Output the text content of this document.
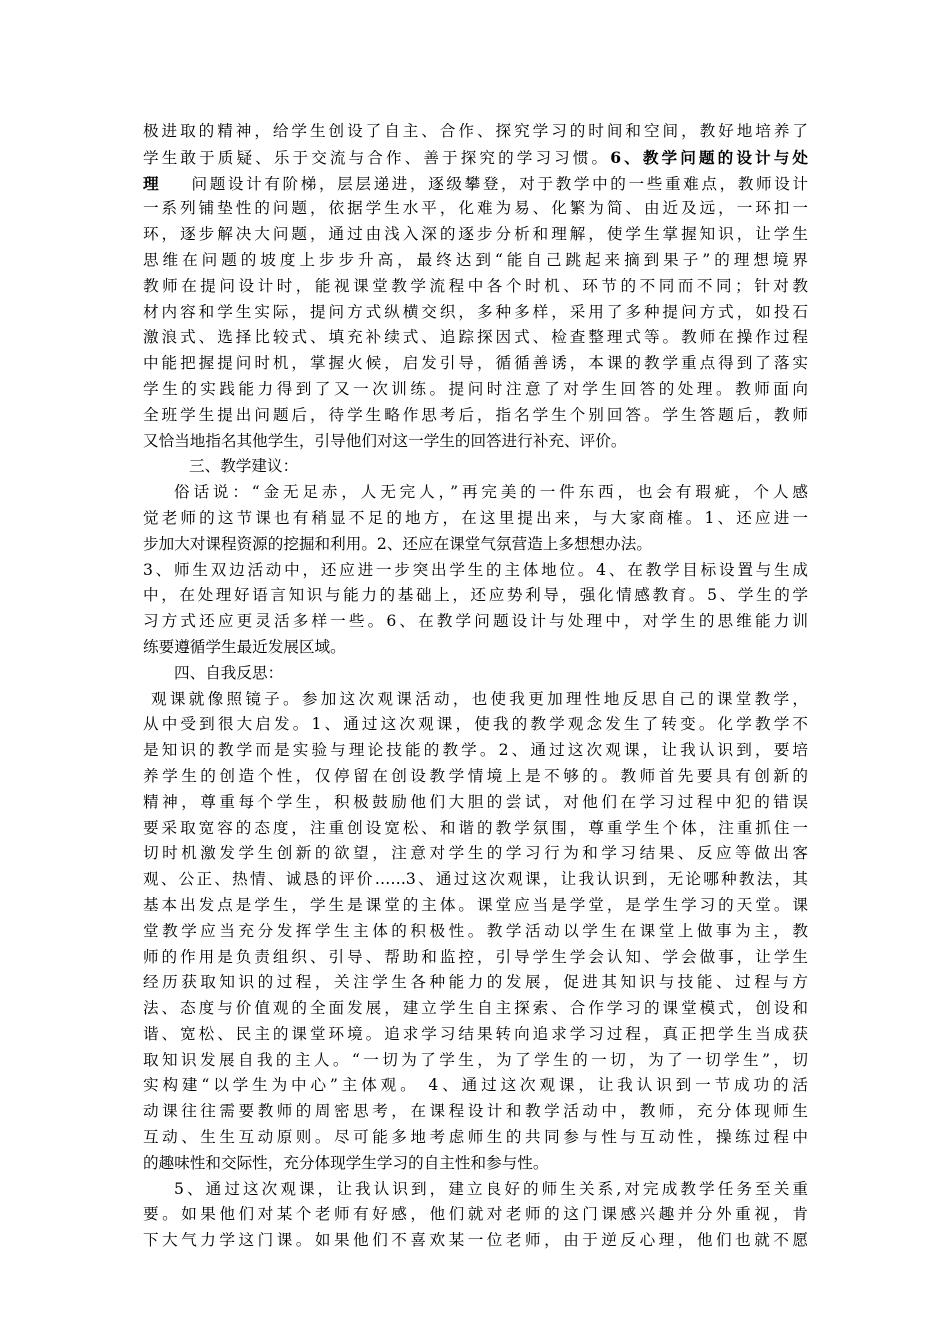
极进取的精神，给学生创设了自主、合作、探究学习的时间和空间，教好地培养了
学生敢于质疑、乐于交流与合作、善于探究的学习习惯。6、教学问题的设计与处
理    问题设计有阶梯，层层递进，逐级攀登，对于教学中的一些重难点，教师设计
一系列铺垫性的问题，依据学生水平，化难为易、化繁为简、由近及远，一环扣一
环，逐步解决大问题，通过由浅入深的逐步分析和理解，使学生掌握知识，让学生
思维在问题的坡度上步步升高，最终达到“能自己跳起来摘到果子”的理想境界
教师在提问设计时，能视课堂教学流程中各个时机、环节的不同而不同；针对教
材内容和学生实际，提问方式纵横交织，多种多样，采用了多种提问方式，如投石
激浪式、选择比较式、填充补续式、追踪探因式、检查整理式等。教师在操作过程
中能把握提问时机，掌握火候，启发引导，循循善诱，本课的教学重点得到了落实
学生的实践能力得到了又一次训练。提问时注意了对学生回答的处理。教师面向
全班学生提出问题后，待学生略作思考后，指名学生个别回答。学生答题后，教师
又恰当地指名其他学生，引导他们对这一学生的回答进行补充、评价。
三、教学建议：
俗话说：“金无足赤，人无完人，”再完美的一件东西，也会有瑕疵，个人感
觉老师的这节课也有稍显不足的地方，在这里提出来，与大家商榷。1、还应进一
步加大对课程资源的挖掘和利用。2、还应在课堂气氛营造上多想想办法。
3、师生双边活动中，还应进一步突出学生的主体地位。4、在教学目标设置与生成
中，在处理好语言知识与能力的基础上，还应势利导，强化情感教育。5、学生的学
习方式还应更灵活多样一些。6、在教学问题设计与处理中，对学生的思维能力训
练要遵循学生最近发展区域。
四、自我反思：
观课就像照镜子。参加这次观课活动，也使我更加理性地反思自己的课堂教学，
从中受到很大启发。1、通过这次观课，使我的教学观念发生了转变。化学教学不
是知识的教学而是实验与理论技能的教学。2、通过这次观课，让我认识到，要培
养学生的创造个性，仅停留在创设教学情境上是不够的。教师首先要具有创新的
精神，尊重每个学生，积极鼓励他们大胆的尝试，对他们在学习过程中犯的错误
要采取宽容的态度，注重创设宽松、和谐的教学氛围，尊重学生个体，注重抓住一
切时机激发学生创新的欲望，注意对学生的学习行为和学习结果、反应等做出客
观、公正、热情、诚恳的评价……3、通过这次观课，让我认识到，无论哪种教法，其
基本出发点是学生，学生是课堂的主体。课堂应当是学堂，是学生学习的天堂。课
堂教学应当充分发挥学生主体的积极性。教学活动以学生在课堂上做事为主，教
师的作用是负责组织、引导、帮助和监控，引导学生学会认知、学会做事，让学生
经历获取知识的过程，关注学生各种能力的发展，促进其知识与技能、过程与方
法、态度与价值观的全面发展，建立学生自主探索、合作学习的课堂模式，创设和
谐、宽松、民主的课堂环境。追求学习结果转向追求学习过程，真正把学生当成获
取知识发展自我的主人。“一切为了学生，为了学生的一切，为了一切学生”，切
实构建“以学生为中心”主体观。 4、通过这次观课，让我认识到一节成功的活
动课往往需要教师的周密思考，在课程设计和教学活动中，教师，充分体现师生
互动、生生互动原则。尽可能多地考虑师生的共同参与性与互动性，操练过程中
的趣味性和交际性，充分体现学生学习的自主性和参与性。
5、通过这次观课，让我认识到，建立良好的师生关系,对完成教学任务至关重
要。如果他们对某个老师有好感，他们就对老师的这门课感兴趣并分外重视，肯
下大气力学这门课。如果他们不喜欢某一位老师，由于逆反心理，他们也就不愿
